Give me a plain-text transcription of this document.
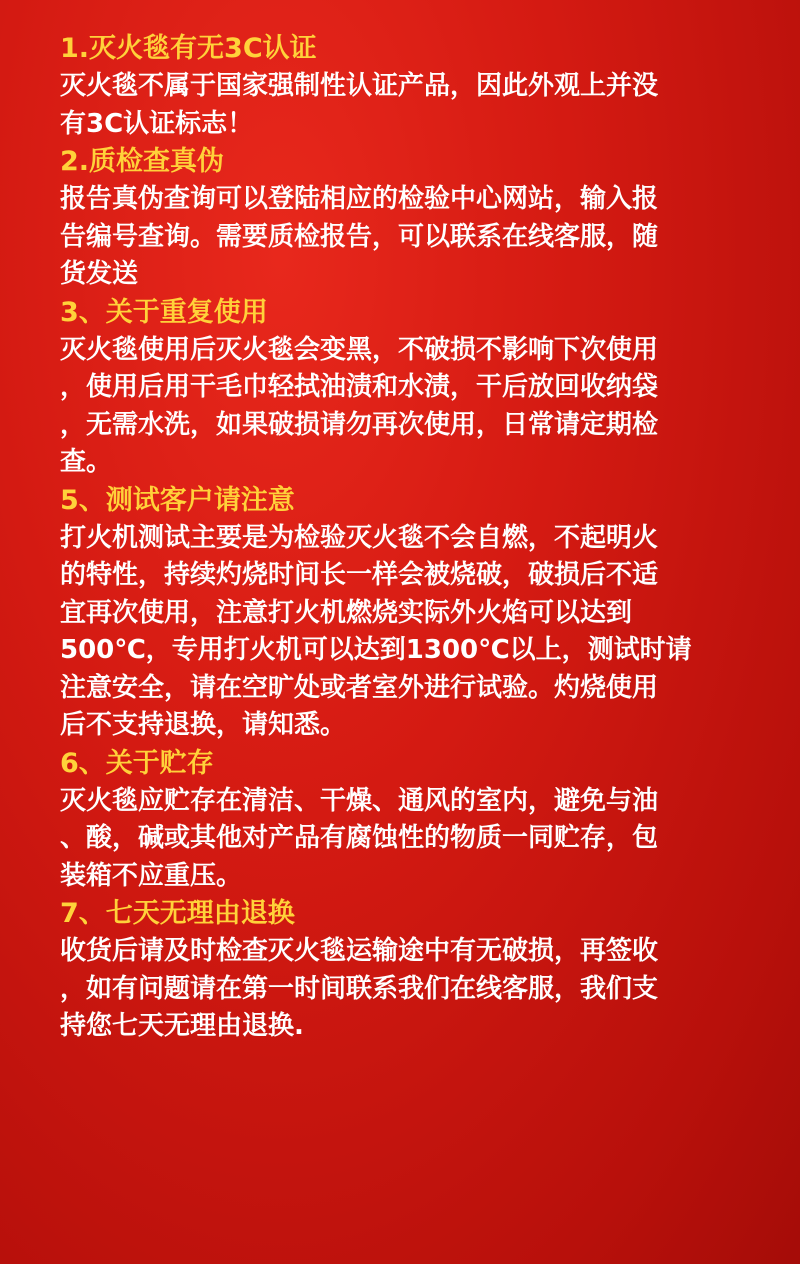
1.灭火毯有无3C认证
灭火毯不属于国家强制性认证产品，因此外观上并没
有3C认证标志！
2.质检查真伪
报告真伪查询可以登陆相应的检验中心网站，输入报
告编号查询。需要质检报告，可以联系在线客服，随
货发送
3、关于重复使用
灭火毯使用后灭火毯会变黑，不破损不影响下次使用
，使用后用干毛巾轻拭油渍和水渍，干后放回收纳袋
，无需水洗，如果破损请勿再次使用，日常请定期检
查。
5、测试客户请注意
打火机测试主要是为检验灭火毯不会自燃，不起明火
的特性，持续灼烧时间长一样会被烧破，破损后不适
宜再次使用，注意打火机燃烧实际外火焰可以达到
500℃，专用打火机可以达到1300℃以上，测试时请
注意安全，请在空旷处或者室外进行试验。灼烧使用
后不支持退换，请知悉。
6、关于贮存
灭火毯应贮存在清洁、干燥、通风的室内，避免与油
、酸，碱或其他对产品有腐蚀性的物质一同贮存，包
装箱不应重压。
7、七天无理由退换
收货后请及时检查灭火毯运输途中有无破损，再签收
，如有问题请在第一时间联系我们在线客服，我们支
持您七天无理由退换.
